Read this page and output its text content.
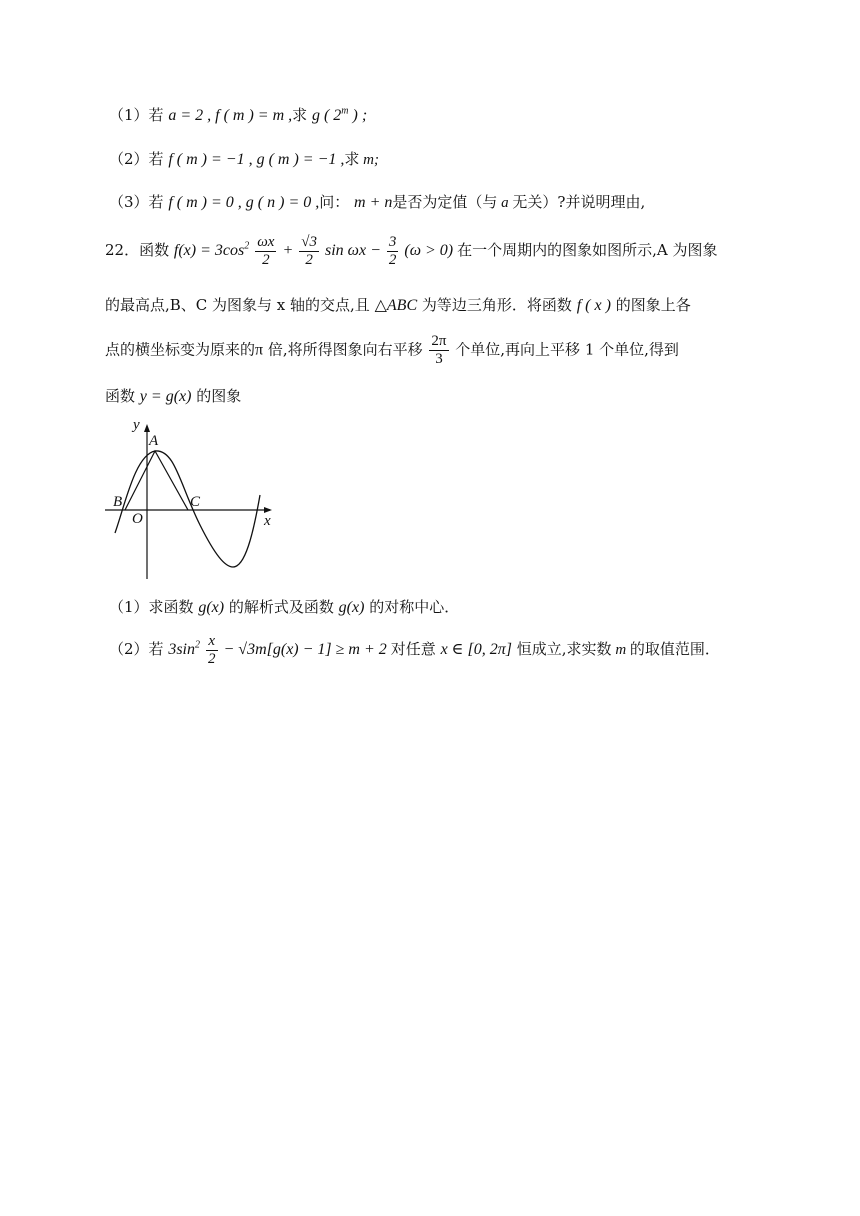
（1）若 a = 2 , f ( m ) = m ,求 g ( 2$^m$ ) ;
（2）若 f ( m ) = −1 , g ( m ) = −1 ,求 m;
（3）若 f ( m ) = 0 , g ( n ) = 0 ,问： m + n是否为定值（与 a 无关）?并说明理由,
22．函数 $f(x) = 3\cos^2 \frac{\omega x}{2} + \frac{√3}{2}$ $\sin \omega x - \frac{3}{2} (\omega > 0)$ 在一个周期内的图象如图所示,A 为图象
的最高点,B、C 为图象与 x 轴的交点,且 △ABC 为等边三角形．将函数 f ( x ) 的图象上各
点的横坐标变为原来的π 倍,将所得图象向右平移 $\frac{2\pi}{3}$ 个单位,再向上平移 1 个单位,得到
函数 y = g(x) 的图象
y
A
B	C
O	x
（1）求函数 g(x) 的解析式及函数 g(x) 的对称中心．
（2）若 $3\sin^2 \frac{x}{2} - √3m[g(x) - 1] \ge m + 2$ 对任意 x ∈ [0, 2π] 恒成立,求实数 m 的取值范围．
